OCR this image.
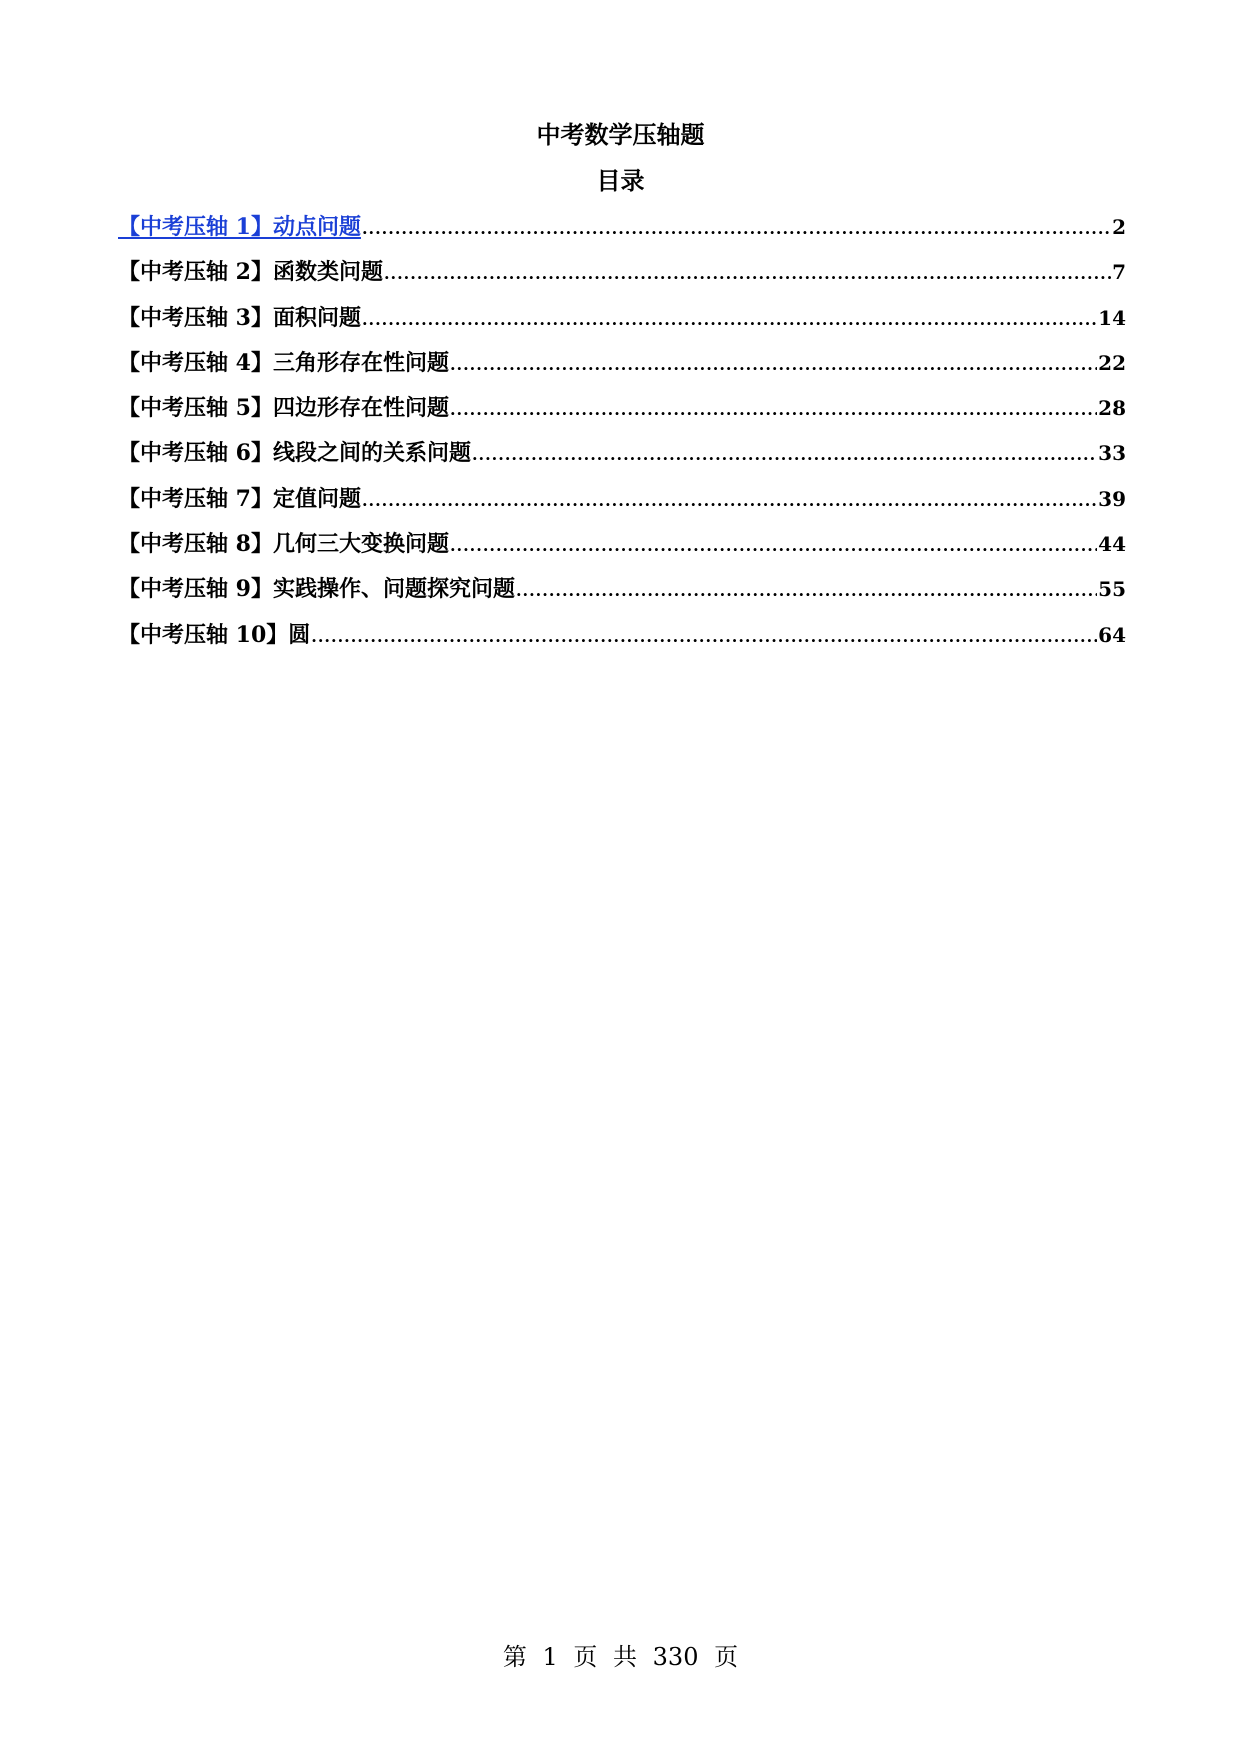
中考数学压轴题
目录
【中考压轴 1】动点问题 .....	2
【中考压轴 2】函数类问题 .....	7
【中考压轴 3】面积问题 .....	14
【中考压轴 4】三角形存在性问题 .....	22
【中考压轴 5】四边形存在性问题 .....	28
【中考压轴 6】线段之间的关系问题 .....	33
【中考压轴 7】定值问题 .....	39
【中考压轴 8】几何三大变换问题 .....	44
【中考压轴 9】实践操作、问题探究问题 .....	55
【中考压轴 10】圆 .....	64
第 1 页 共 330 页
